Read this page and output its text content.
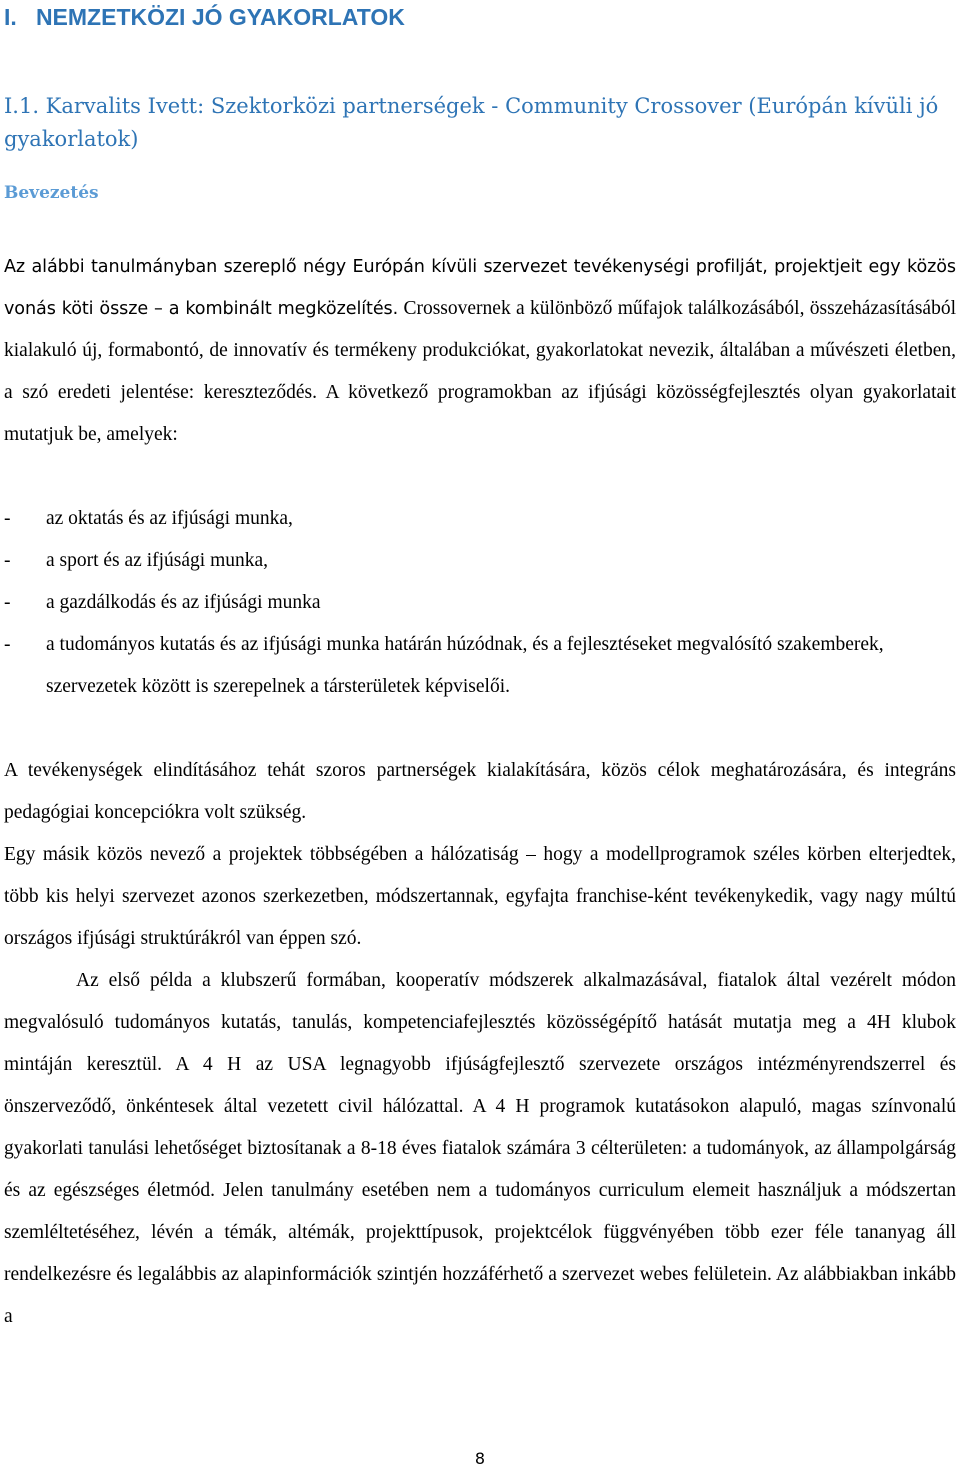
I.   NEMZETKÖZI JÓ GYAKORLATOK
I.1. Karvalits Ivett: Szektorközi partnerségek - Community Crossover (Európán kívüli jó gyakorlatok)
Bevezetés

Az alábbi tanulmányban szereplő négy Európán kívüli szervezet tevékenységi profilját, projektjeit egy közös vonás köti össze – a kombinált megközelítés. Crossovernek a különböző műfajok találkozásából, összeházasításából kialakuló új, formabontó, de innovatív és termékeny produkciókat, gyakorlatokat nevezik, általában a művészeti életben, a szó eredeti jelentése: kereszteződés. A következő programokban az ifjúsági közösségfejlesztés olyan gyakorlatait mutatjuk be, amelyek:

- az oktatás és az ifjúsági munka,
- a sport és az ifjúsági munka,
- a gazdálkodás és az ifjúsági munka
- a tudományos kutatás és az ifjúsági munka határán húzódnak, és a fejlesztéseket megvalósító szakemberek, szervezetek között is szerepelnek a társterületek képviselői.

A tevékenységek elindításához tehát szoros partnerségek kialakítására, közös célok meghatározására, és integráns pedagógiai koncepciókra volt szükség.

Egy másik közös nevező a projektek többségében a hálózatiság – hogy a modellprogramok széles körben elterjedtek, több kis helyi szervezet azonos szerkezetben, módszertannak, egyfajta franchise-ként tevékenykedik, vagy nagy múltú országos ifjúsági struktúrákról van éppen szó.

Az első példa a klubszerű formában, kooperatív módszerek alkalmazásával, fiatalok által vezérelt módon megvalósuló tudományos kutatás, tanulás, kompetenciafejlesztés közösségépítő hatását mutatja meg a 4H klubok mintáján keresztül. A 4 H az USA legnagyobb ifjúságfejlesztő szervezete országos intézményrendszerrel és önszerveződő, önkéntesek által vezetett civil hálózattal. A 4 H programok kutatásokon alapuló, magas színvonalú gyakorlati tanulási lehetőséget biztosítanak a 8-18 éves fiatalok számára 3 célterületen: a tudományok, az állampolgárság és az egészséges életmód. Jelen tanulmány esetében nem a tudományos curriculum elemeit használjuk a módszertan szemléltetéséhez, lévén a témák, altémák, projekttípusok, projektcélok függvényében több ezer féle tananyag áll rendelkezésre és legalábbis az alapinformációk szintjén hozzáférhető a szervezet webes felületein. Az alábbiakban inkább a

8
